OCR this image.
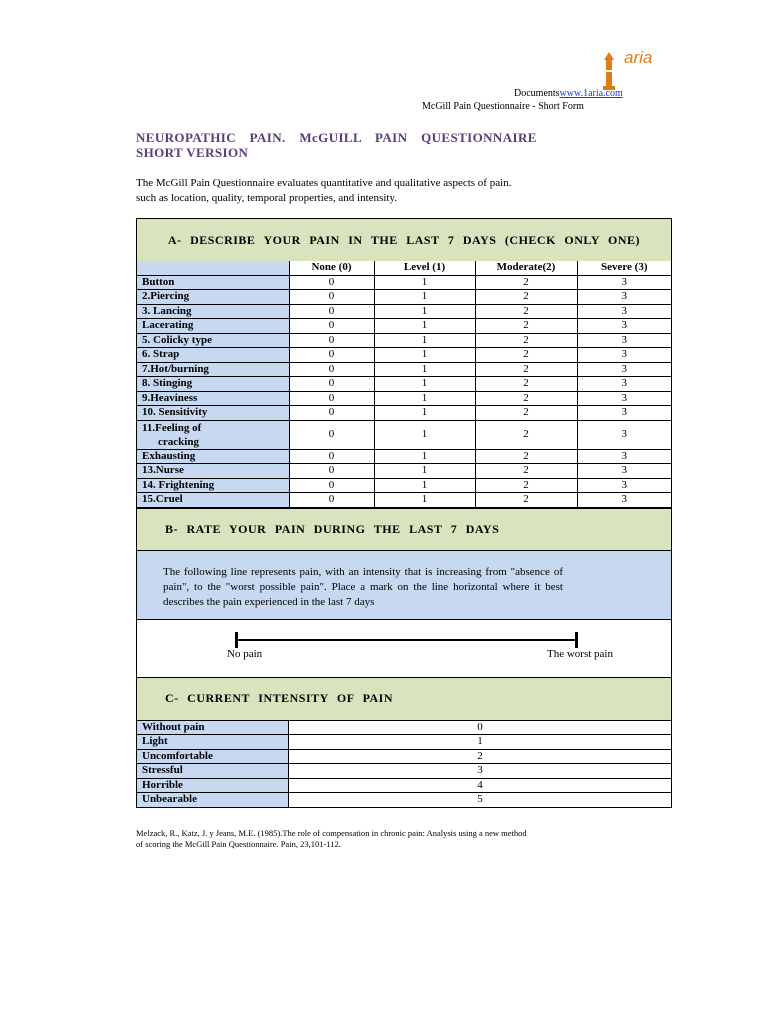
aria
Documentswww.1aria.com
McGill Pain Questionnaire - Short Form
NEUROPATHIC PAIN. McGUILL PAIN QUESTIONNAIRE
SHORT VERSION
The McGill Pain Questionnaire evaluates quantitative and qualitative aspects of pain.
such as location, quality, temporal properties, and intensity.
A- DESCRIBE YOUR PAIN IN THE LAST 7 DAYS (CHECK ONLY ONE)
	None (0)	Level (1)	Moderate(2)	Severe (3)
Button	0	1	2	3
2.Piercing	0	1	2	3
3. Lancing	0	1	2	3
Lacerating	0	1	2	3
5. Colicky type	0	1	2	3
6. Strap	0	1	2	3
7.Hot/burning	0	1	2	3
8. Stinging	0	1	2	3
9.Heaviness	0	1	2	3
10. Sensitivity	0	1	2	3
11.Feeling of
cracking	0	1	2	3
Exhausting	0	1	2	3
13.Nurse	0	1	2	3
14. Frightening	0	1	2	3
15.Cruel	0	1	2	3
B- RATE YOUR PAIN DURING THE LAST 7 DAYS
The following line represents pain, with an intensity that is increasing from "absence of pain", to the "worst possible pain". Place a mark on the line horizontal where it best describes the pain experienced in the last 7 days
No pain	The worst pain
C- CURRENT INTENSITY OF PAIN
Without pain	0
Light	1
Uncomfortable	2
Stressful	3
Horrible	4
Unbearable	5
Melzack, R., Katz, J. y Jeans, M.E. (1985).The role of compensation in chronic pain: Analysis using a new method
of scoring the McGill Pain Questionnaire. Pain, 23,101-112.
